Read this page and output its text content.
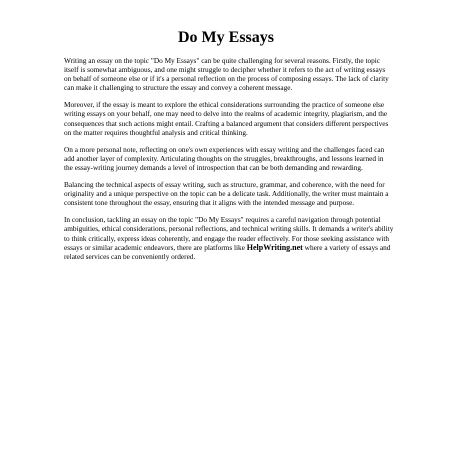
Do My Essays

Writing an essay on the topic "Do My Essays" can be quite challenging for several reasons. Firstly, the topic itself is somewhat ambiguous, and one might struggle to decipher whether it refers to the act of writing essays on behalf of someone else or if it's a personal reflection on the process of composing essays. The lack of clarity can make it challenging to structure the essay and convey a coherent message.

Moreover, if the essay is meant to explore the ethical considerations surrounding the practice of someone else writing essays on your behalf, one may need to delve into the realms of academic integrity, plagiarism, and the consequences that such actions might entail. Crafting a balanced argument that considers different perspectives on the matter requires thoughtful analysis and critical thinking.

On a more personal note, reflecting on one's own experiences with essay writing and the challenges faced can add another layer of complexity. Articulating thoughts on the struggles, breakthroughs, and lessons learned in the essay-writing journey demands a level of introspection that can be both demanding and rewarding.

Balancing the technical aspects of essay writing, such as structure, grammar, and coherence, with the need for originality and a unique perspective on the topic can be a delicate task. Additionally, the writer must maintain a consistent tone throughout the essay, ensuring that it aligns with the intended message and purpose.

In conclusion, tackling an essay on the topic "Do My Essays" requires a careful navigation through potential ambiguities, ethical considerations, personal reflections, and technical writing skills. It demands a writer's ability to think critically, express ideas coherently, and engage the reader effectively. For those seeking assistance with essays or similar academic endeavors, there are platforms like HelpWriting.net where a variety of essays and related services can be conveniently ordered.
